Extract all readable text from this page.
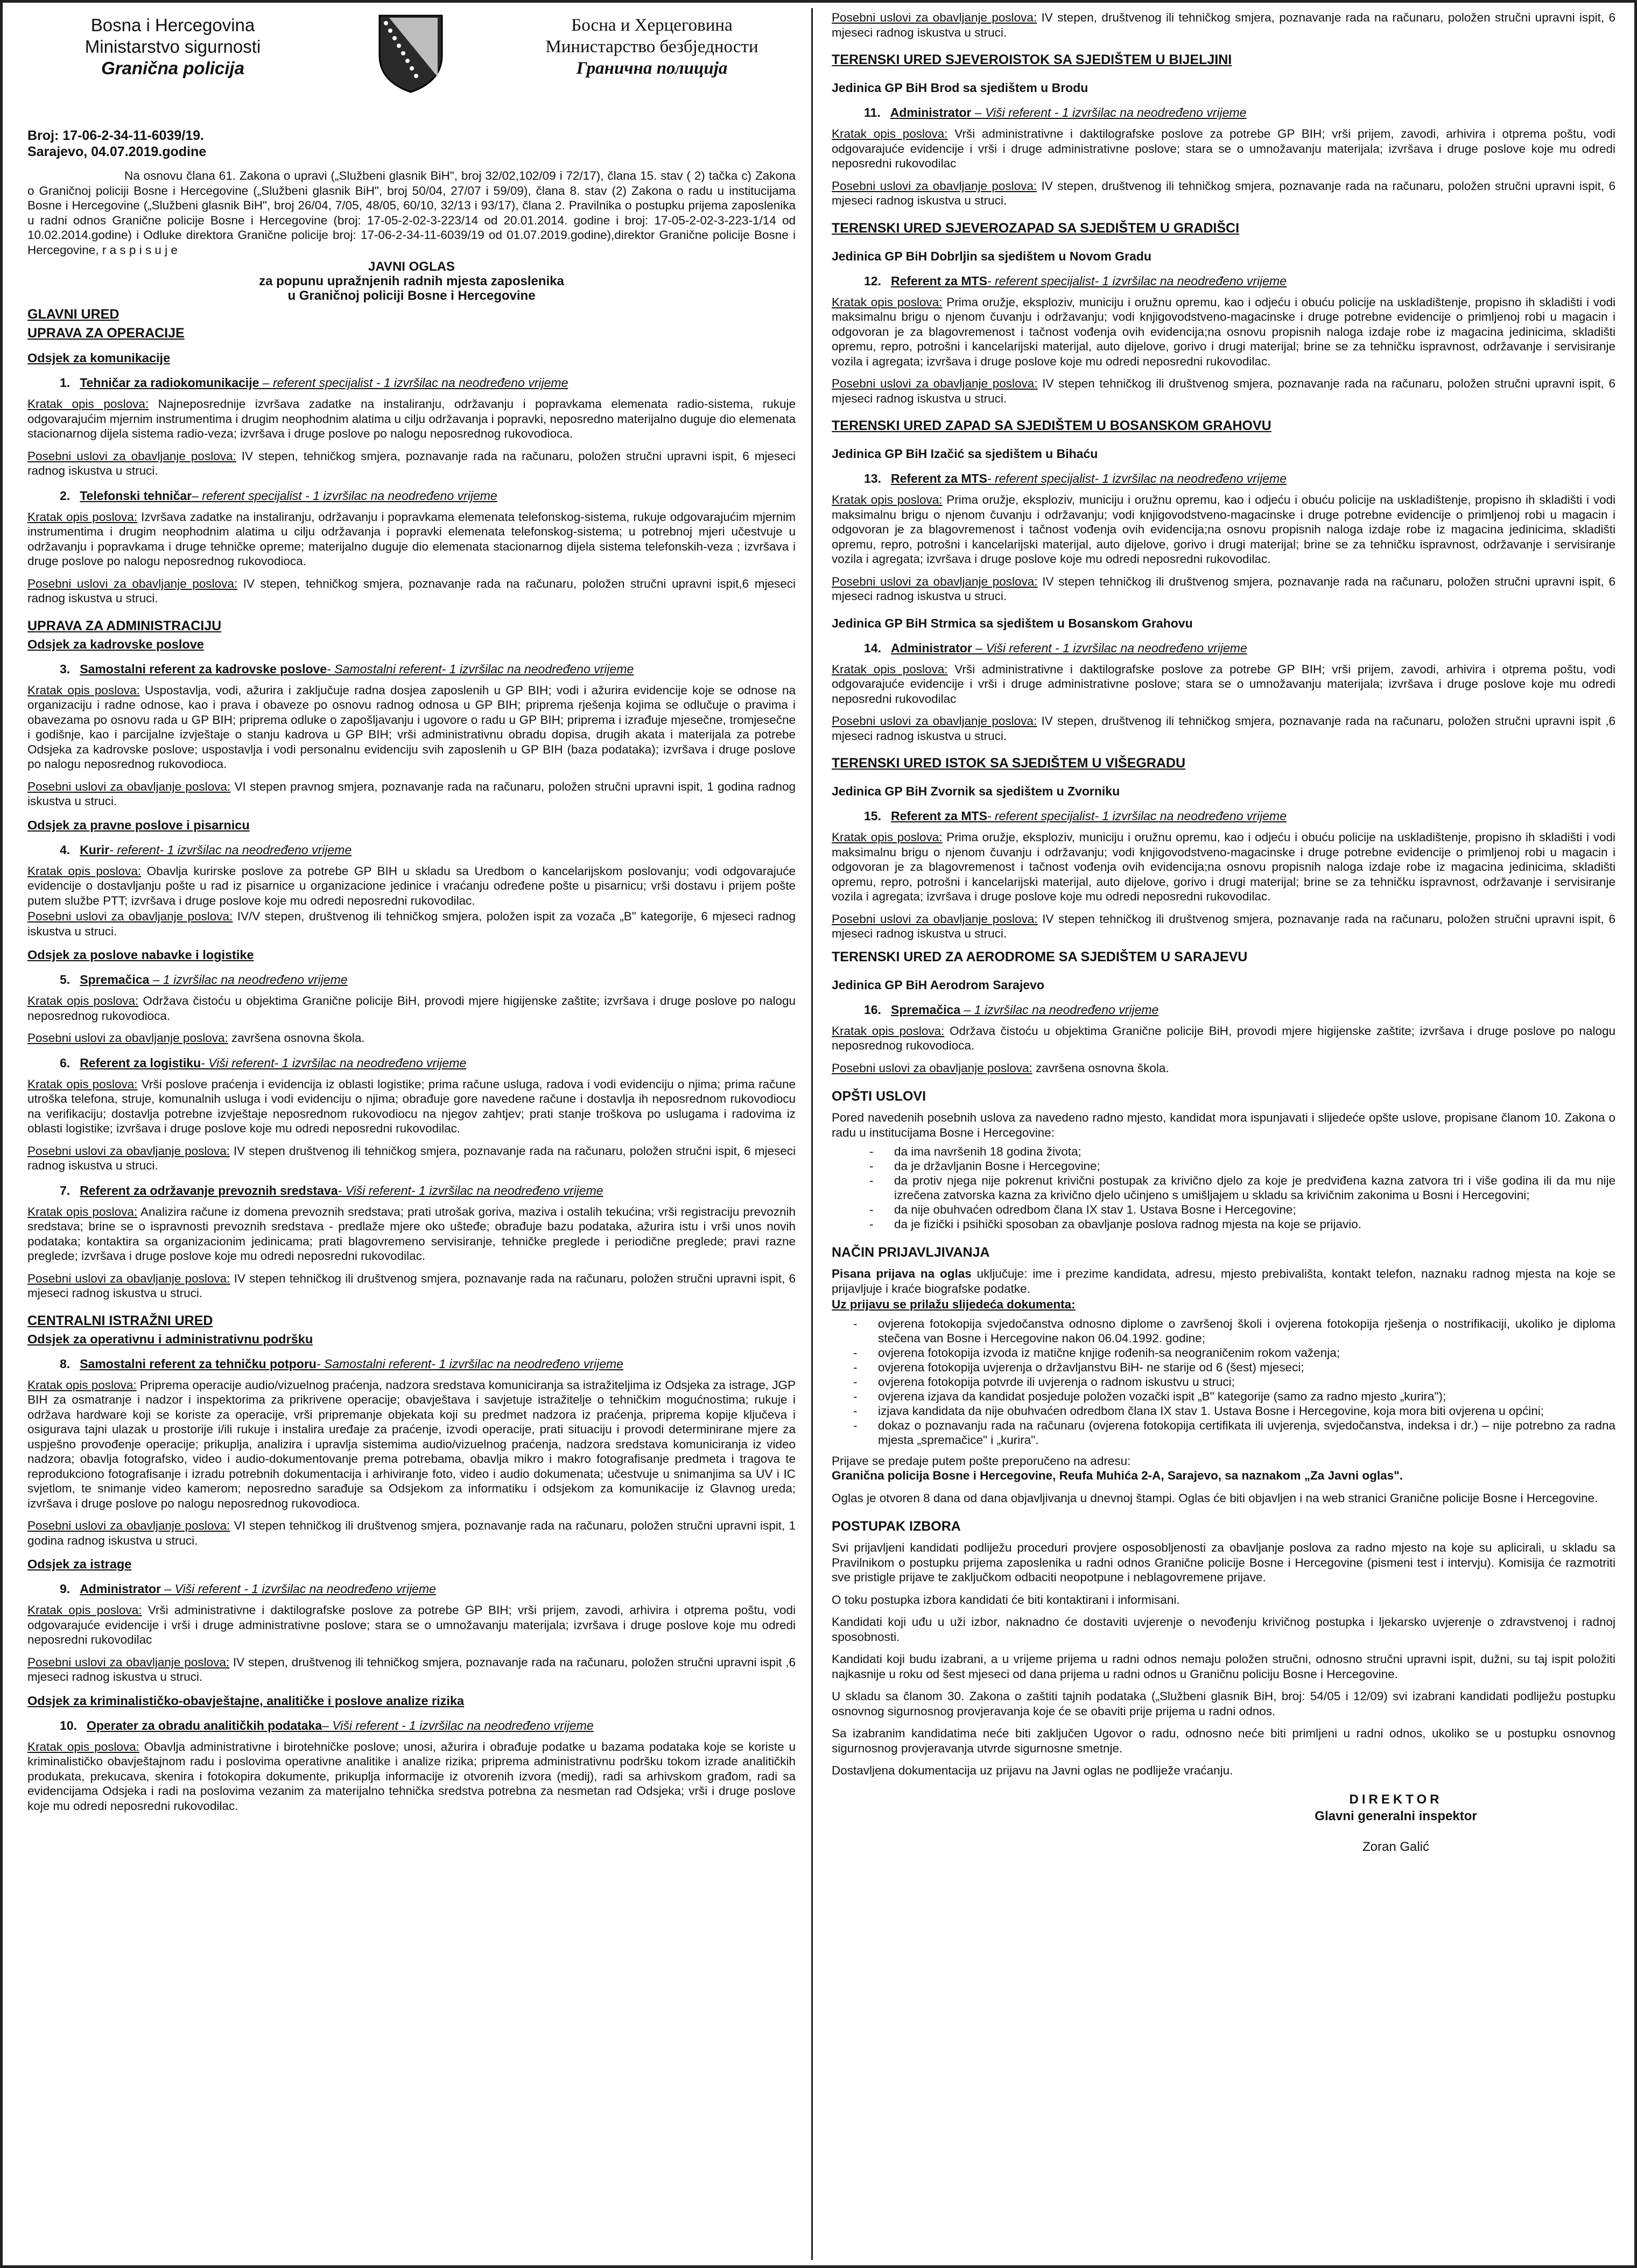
Bosna i Hercegovina
Ministarstvo sigurnosti
Granična policija
Босна и Херцеговина
Министарство безбједности
Гранична полиција
Broj: 17-06-2-34-11-6039/19.
Sarajevo, 04.07.2019.godine

Na osnovu člana 61. Zakona o upravi („Službeni glasnik BiH", broj 32/02,102/09 i 72/17), člana 15. stav ( 2) tačka c) Zakona o Graničnoj policiji Bosne i Hercegovine („Službeni glasnik BiH", broj 50/04, 27/07 i 59/09), člana 8. stav (2) Zakona o radu u institucijama Bosne i Hercegovine („Službeni glasnik BiH", broj 26/04, 7/05, 48/05, 60/10, 32/13 i 93/17), člana 2. Pravilnika o postupku prijema zaposlenika u radni odnos Granične policije Bosne i Hercegovine (broj: 17-05-2-02-3-223/14 od 20.01.2014. godine i broj: 17-05-2-02-3-223-1/14 od 10.02.2014.godine) i Odluke direktora Granične policije broj: 17-06-2-34-11-6039/19 od 01.07.2019.godine),direktor Granične policije Bosne i Hercegovine, r a s p i s u j e

JAVNI OGLAS
za popunu upražnjenih radnih mjesta zaposlenika
u Graničnoj policiji Bosne i Hercegovine
GLAVNI URED
UPRAVA ZA OPERACIJE
Odsjek za komunikacije
1. Tehničar za radiokomunikacije – referent specijalist - 1 izvršilac na neodređeno vrijeme

Kratak opis poslova: Najneposrednije izvršava zadatke na instaliranju, održavanju i popravkama elemenata radio-sistema, rukuje odgovarajućim mjernim instrumentima i drugim neophodnim alatima u cilju održavanja i popravki, neposredno materijalno duguje dio elemenata stacionarnog dijela sistema radio-veza; izvršava i druge poslove po nalogu neposrednog rukovodioca.

Posebni uslovi za obavljanje poslova: IV stepen, tehničkog smjera, poznavanje rada na računaru, položen stručni upravni ispit, 6 mjeseci radnog iskustva u struci.

2. Telefonski tehničar– referent specijalist - 1 izvršilac na neodređeno vrijeme

Kratak opis poslova: Izvršava zadatke na instaliranju, održavanju i popravkama elemenata telefonskog-sistema, rukuje odgovarajućim mjernim instrumentima i drugim neophodnim alatima u cilju održavanja i popravki elemenata telefonskog-sistema; u potrebnoj mjeri učestvuje u održavanju i popravkama i druge tehničke opreme; materijalno duguje dio elemenata stacionarnog dijela sistema telefonskih-veza ; izvršava i druge poslove po nalogu neposrednog rukovodioca.

Posebni uslovi za obavljanje poslova: IV stepen, tehničkog smjera, poznavanje rada na računaru, položen stručni upravni ispit,6 mjeseci radnog iskustva u struci.

UPRAVA ZA ADMINISTRACIJU
Odsjek za kadrovske poslove
3. Samostalni referent za kadrovske poslove- Samostalni referent- 1 izvršilac na neodređeno vrijeme

Kratak opis poslova: Uspostavlja, vodi, ažurira i zaključuje radna dosjea zaposlenih u GP BIH; vodi i ažurira evidencije koje se odnose na organizaciju i radne odnose, kao i prava i obaveze po osnovu radnog odnosa u GP BIH; priprema rješenja kojima se odlučuje o pravima i obavezama po osnovu rada u GP BIH; priprema odluke o zapošljavanju i ugovore o radu u GP BIH; priprema i izrađuje mjesečne, tromjesečne i godišnje, kao i parcijalne izvještaje o stanju kadrova u GP BIH; vrši administrativnu obradu dopisa, drugih akata i materijala za potrebe Odsjeka za kadrovske poslove; uspostavlja i vodi personalnu evidenciju svih zaposlenih u GP BIH (baza podataka); izvršava i druge poslove po nalogu neposrednog rukovodioca.

Posebni uslovi za obavljanje poslova: VI stepen pravnog smjera, poznavanje rada na računaru, položen stručni upravni ispit, 1 godina radnog iskustva u struci.

Odsjek za pravne poslove i pisarnicu
4. Kurir- referent- 1 izvršilac na neodređeno vrijeme

Kratak opis poslova: Obavlja kurirske poslove za potrebe GP BIH u skladu sa Uredbom o kancelarijskom poslovanju; vodi odgovarajuće evidencije o dostavljanju pošte u rad iz pisarnice u organizacione jedinice i vraćanju određene pošte u pisarnicu; vrši dostavu i prijem pošte putem službe PTT; izvršava i druge poslove koje mu odredi neposredni rukovodilac.

Posebni uslovi za obavljanje poslova: IV/V stepen, društvenog ili tehničkog smjera, položen ispit za vozača „B" kategorije, 6 mjeseci radnog iskustva u struci.

Odsjek za poslove nabavke i logistike
5. Spremačica – 1 izvršilac na neodređeno vrijeme

Kratak opis poslova: Održava čistoću u objektima Granične policije BiH, provodi mjere higijenske zaštite; izvršava i druge poslove po nalogu neposrednog rukovodioca.

Posebni uslovi za obavljanje poslova: završena osnovna škola.

6. Referent za logistiku- Viši referent- 1 izvršilac na neodređeno vrijeme

Kratak opis poslova: Vrši poslove praćenja i evidencija iz oblasti logistike; prima račune usluga, radova i vodi evidenciju o njima; prima račune utroška telefona, struje, komunalnih usluga i vodi evidenciju o njima; obrađuje gore navedene račune i dostavlja ih neposrednom rukovodiocu na verifikaciju; dostavlja potrebne izvještaje neposrednom rukovodiocu na njegov zahtjev; prati stanje troškova po uslugama i radovima iz oblasti logistike; izvršava i druge poslove koje mu odredi neposredni rukovodilac.

Posebni uslovi za obavljanje poslova: IV stepen društvenog ili tehničkog smjera, poznavanje rada na računaru, položen stručni ispit, 6 mjeseci radnog iskustva u struci.

7. Referent za održavanje prevoznih sredstava- Viši referent- 1 izvršilac na neodređeno vrijeme

Kratak opis poslova: Analizira račune iz domena prevoznih sredstava; prati utrošak goriva, maziva i ostalih tekućina; vrši registraciju prevoznih sredstava; brine se o ispravnosti prevoznih sredstava - predlaže mjere oko ušteđe; obrađuje bazu podataka, ažurira istu i vrši unos novih podataka; kontaktira sa organizacionim jedinicama; prati blagovremeno servisiranje, tehničke preglede i periodične preglede; pravi razne preglede; izvršava i druge poslove koje mu odredi neposredni rukovodilac.

Posebni uslovi za obavljanje poslova: IV stepen tehničkog ili društvenog smjera, poznavanje rada na računaru, položen stručni upravni ispit, 6 mjeseci radnog iskustva u struci.

CENTRALNI ISTRAŽNI URED
Odsjek za operativnu i administrativnu podršku
8. Samostalni referent za tehničku potporu- Samostalni referent- 1 izvršilac na neodređeno vrijeme

Kratak opis poslova: Priprema operacije audio/vizuelnog praćenja, nadzora sredstava komuniciranja sa istražiteljima iz Odsjeka za istrage, JGP BIH za osmatranje i nadzor i inspektorima za prikrivene operacije; obavještava i savjetuje istražitelje o tehničkim mogućnostima; rukuje i održava hardware koji se koriste za operacije, vrši pripremanje objekata koji su predmet nadzora iz praćenja, priprema kopije ključeva i osigurava tajni ulazak u prostorije i/ili rukuje i instalira uređaje za praćenje, izvodi operacije, prati situaciju i provodi determinirane mjere za uspješno provođenje operacije; prikuplja, analizira i upravlja sistemima audio/vizuelnog praćenja, nadzora sredstava komuniciranja iz video nadzora; obavlja fotografsko, video i audio-dokumentovanje prema potrebama, obavlja mikro i makro fotografisanje predmeta i tragova te reprodukciono fotografisanje i izradu potrebnih dokumentacija i arhiviranje foto, video i audio dokumenata; učestvuje u snimanjima sa UV i IC svjetlom, te snimanje video kamerom; neposredno sarađuje sa Odsjekom za informatiku i odsjekom za komunikacije iz Glavnog ureda; izvršava i druge poslove po nalogu neposrednog rukovodioca.

Posebni uslovi za obavljanje poslova: VI stepen tehničkog ili društvenog smjera, poznavanje rada na računaru, položen stručni upravni ispit, 1 godina radnog iskustva u struci.

Odsjek za istrage
9. Administrator – Viši referent - 1 izvršilac na neodređeno vrijeme

Kratak opis poslova: Vrši administrativne i daktilografske poslove za potrebe GP BIH; vrši prijem, zavodi, arhivira i otprema poštu, vodi odgovarajuće evidencije i vrši i druge administrativne poslove; stara se o umnožavanju materijala; izvršava i druge poslove koje mu odredi neposredni rukovodilac

Posebni uslovi za obavljanje poslova: IV stepen, društvenog ili tehničkog smjera, poznavanje rada na računaru, položen stručni upravni ispit ,6 mjeseci radnog iskustva u struci.

Odsjek za kriminalističko-obavještajne, analitičke i poslove analize rizika
10. Operater za obradu analitičkih podataka– Viši referent - 1 izvršilac na neodređeno vrijeme

Kratak opis poslova: Obavlja administrativne i birotehničke poslove; unosi, ažurira i obrađuje podatke u bazama podataka koje se koriste u kriminalističko obavještajnom radu i poslovima operativne analitike i analize rizika; priprema administrativnu podršku tokom izrade analitičkih produkata, prekucava, skenira i fotokopira dokumente, prikuplja informacije iz otvorenih izvora (medij), radi sa arhivskom građom, radi sa evidencijama Odsjeka i radi na poslovima vezanim za materijalno tehnička sredstva potrebna za nesmetan rad Odsjeka; vrši i druge poslove koje mu odredi neposredni rukovodilac.

Posebni uslovi za obavljanje poslova: IV stepen, društvenog ili tehničkog smjera, poznavanje rada na računaru, položen stručni upravni ispit, 6 mjeseci radnog iskustva u struci.

TERENSKI URED SJEVEROISTOK SA SJEDIŠTEM U BIJELJINI
Jedinica GP BiH Brod sa sjedištem u Brodu
11. Administrator – Viši referent - 1 izvršilac na neodređeno vrijeme

Kratak opis poslova: Vrši administrativne i daktilografske poslove za potrebe GP BIH; vrši prijem, zavodi, arhivira i otprema poštu, vodi odgovarajuće evidencije i vrši i druge administrativne poslove; stara se o umnožavanju materijala; izvršava i druge poslove koje mu odredi neposredni rukovodilac

Posebni uslovi za obavljanje poslova: IV stepen, društvenog ili tehničkog smjera, poznavanje rada na računaru, položen stručni upravni ispit, 6 mjeseci radnog iskustva u struci.

TERENSKI URED SJEVEROZAPAD SA SJEDIŠTEM U GRADIŠCI
Jedinica GP BiH Dobrljin sa sjedištem u Novom Gradu
12. Referent za MTS- referent specijalist- 1 izvršilac na neodređeno vrijeme

Kratak opis poslova: Prima oružje, eksploziv, municiju i oružnu opremu, kao i odjeću i obuću policije na uskladištenje, propisno ih skladišti i vodi maksimalnu brigu o njenom čuvanju i održavanju; vodi knjigovodstveno-magacinske i druge potrebne evidencije o primljenoj robi u magacin i odgovoran je za blagovremenost i tačnost vođenja ovih evidencija;na osnovu propisnih naloga izdaje robe iz magacina jedinicima, skladišti opremu, repro, potrošni i kancelarijski materijal, auto dijelove, gorivo i drugi materijal; brine se za tehničku ispravnost, održavanje i servisiranje vozila i agregata; izvršava i druge poslove koje mu odredi neposredni rukovodilac.

Posebni uslovi za obavljanje poslova: IV stepen tehničkog ili društvenog smjera, poznavanje rada na računaru, položen stručni upravni ispit, 6 mjeseci radnog iskustva u struci.

TERENSKI URED ZAPAD SA SJEDIŠTEM U BOSANSKOM GRAHOVU
Jedinica GP BiH Izačić sa sjedištem u Bihaću
13. Referent za MTS- referent specijalist- 1 izvršilac na neodređeno vrijeme

Kratak opis poslova: Prima oružje, eksploziv, municiju i oružnu opremu, kao i odjeću i obuću policije na uskladištenje, propisno ih skladišti i vodi maksimalnu brigu o njenom čuvanju i održavanju; vodi knjigovodstveno-magacinske i druge potrebne evidencije o primljenoj robi u magacin i odgovoran je za blagovremenost i tačnost vođenja ovih evidencija;na osnovu propisnih naloga izdaje robe iz magacina jedinicima, skladišti opremu, repro, potrošni i kancelarijski materijal, auto dijelove, gorivo i drugi materijal; brine se za tehničku ispravnost, održavanje i servisiranje vozila i agregata; izvršava i druge poslove koje mu odredi neposredni rukovodilac.

Posebni uslovi za obavljanje poslova: IV stepen tehničkog ili društvenog smjera, poznavanje rada na računaru, položen stručni upravni ispit, 6 mjeseci radnog iskustva u struci.

Jedinica GP BiH Strmica sa sjedištem u Bosanskom Grahovu
14. Administrator – Viši referent - 1 izvršilac na neodređeno vrijeme

Kratak opis poslova: Vrši administrativne i daktilografske poslove za potrebe GP BIH; vrši prijem, zavodi, arhivira i otprema poštu, vodi odgovarajuće evidencije i vrši i druge administrativne poslove; stara se o umnožavanju materijala; izvršava i druge poslove koje mu odredi neposredni rukovodilac

Posebni uslovi za obavljanje poslova: IV stepen, društvenog ili tehničkog smjera, poznavanje rada na računaru, položen stručni upravni ispit ,6 mjeseci radnog iskustva u struci.

TERENSKI URED ISTOK SA SJEDIŠTEM U VIŠEGRADU
Jedinica GP BiH Zvornik sa sjedištem u Zvorniku
15. Referent za MTS- referent specijalist- 1 izvršilac na neodređeno vrijeme

Kratak opis poslova: Prima oružje, eksploziv, municiju i oružnu opremu, kao i odjeću i obuću policije na uskladištenje, propisno ih skladišti i vodi maksimalnu brigu o njenom čuvanju i održavanju; vodi knjigovodstveno-magacinske i druge potrebne evidencije o primljenoj robi u magacin i odgovoran je za blagovremenost i tačnost vođenja ovih evidencija;na osnovu propisnih naloga izdaje robe iz magacina jedinicima, skladišti opremu, repro, potrošni i kancelarijski materijal, auto dijelove, gorivo i drugi materijal; brine se za tehničku ispravnost, održavanje i servisiranje vozila i agregata; izvršava i druge poslove koje mu odredi neposredni rukovodilac.

Posebni uslovi za obavljanje poslova: IV stepen tehničkog ili društvenog smjera, poznavanje rada na računaru, položen stručni upravni ispit, 6 mjeseci radnog iskustva u struci.

TERENSKI URED ZA AERODROME SA SJEDIŠTEM U SARAJEVU
Jedinica GP BiH Aerodrom Sarajevo
16. Spremačica – 1 izvršilac na neodređeno vrijeme

Kratak opis poslova: Održava čistoću u objektima Granične policije BiH, provodi mjere higijenske zaštite; izvršava i druge poslove po nalogu neposrednog rukovodioca.

Posebni uslovi za obavljanje poslova: završena osnovna škola.

OPŠTI USLOVI

Pored navedenih posebnih uslova za navedeno radno mjesto, kandidat mora ispunjavati i slijedeće opšte uslove, propisane članom 10. Zakona o radu u institucijama Bosne i Hercegovine:

- da ima navršenih 18 godina života;
- da je državljanin Bosne i Hercegovine;
- da protiv njega nije pokrenut krivični postupak za krivično djelo za koje je predviđena kazna zatvora tri i više godina ili da mu nije izrečena zatvorska kazna za krivično djelo učinjeno s umišljajem u skladu sa krivičnim zakonima u Bosni i Hercegovini;
- da nije obuhvaćen odredbom člana IX stav 1. Ustava Bosne i Hercegovine;
- da je fizički i psihički sposoban za obavljanje poslova radnog mjesta na koje se prijavio.
NAČIN PRIJAVLJIVANJA

Pisana prijava na oglas uključuje: ime i prezime kandidata, adresu, mjesto prebivališta, kontakt telefon, naznaku radnog mjesta na koje se prijavljuje i kraće biografske podatke.

Uz prijavu se prilažu slijedeća dokumenta:

- ovjerena fotokopija svjedočanstva odnosno diplome o završenoj školi i ovjerena fotokopija rješenja o nostrifikaciji, ukoliko je diploma stečena van Bosne i Hercegovine nakon 06.04.1992. godine;
- ovjerena fotokopija izvoda iz matične knjige rođenih-sa neograničenim rokom važenja;
- ovjerena fotokopija uvjerenja o državljanstvu BiH- ne starije od 6 (šest) mjeseci;
- ovjerena fotokopija potvrde ili uvjerenja o radnom iskustvu u struci;
- ovjerena izjava da kandidat posjeduje položen vozački ispit „B" kategorije (samo za radno mjesto „kurira");
- izjava kandidata da nije obuhvaćen odredbom člana IX stav 1. Ustava Bosne i Hercegovine, koja mora biti ovjerena u općini;
- dokaz o poznavanju rada na računaru (ovjerena fotokopija certifikata ili uvjerenja, svjedočanstva, indeksa i dr.) – nije potrebno za radna mjesta „spremačice" i „kurira".

Prijave se predaje putem pošte preporučeno na adresu:

Granična policija Bosne i Hercegovine, Reufa Muhića 2-A, Sarajevo, sa naznakom „Za Javni oglas".

Oglas je otvoren 8 dana od dana objavljivanja u dnevnoj štampi. Oglas će biti objavljen i na web stranici Granične policije Bosne i Hercegovine.

POSTUPAK IZBORA

Svi prijavljeni kandidati podliježu proceduri provjere osposobljenosti za obavljanje poslova za radno mjesto na koje su aplicirali, u skladu sa Pravilnikom o postupku prijema zaposlenika u radni odnos Granične policije Bosne i Hercegovine (pismeni test i intervju). Komisija će razmotriti sve pristigle prijave te zaključkom odbaciti neopotpune i neblagovremene prijave.

O toku postupka izbora kandidati će biti kontaktirani i informisani.

Kandidati koji uđu u uži izbor, naknadno će dostaviti uvjerenje o nevođenju krivičnog postupka i ljekarsko uvjerenje o zdravstvenoj i radnoj sposobnosti.

Kandidati koji budu izabrani, a u vrijeme prijema u radni odnos nemaju položen stručni, odnosno stručni upravni ispit, dužni, su taj ispit položiti najkasnije u roku od šest mjeseci od dana prijema u radni odnos u Graničnu policiju Bosne i Hercegovine.

U skladu sa članom 30. Zakona o zaštiti tajnih podataka („Službeni glasnik BiH, broj: 54/05 i 12/09) svi izabrani kandidati podliježu postupku osnovnog sigurnosnog provjeravanja koje će se obaviti prije prijema u radni odnos.

Sa izabranim kandidatima neće biti zaključen Ugovor o radu, odnosno neće biti primljeni u radni odnos, ukoliko se u postupku osnovnog sigurnosnog provjeravanja utvrde sigurnosne smetnje.

Dostavljena dokumentacija uz prijavu na Javni oglas ne podliježe vraćanju.

DIREKTOR
Glavni generalni inspektor
Zoran Galić
